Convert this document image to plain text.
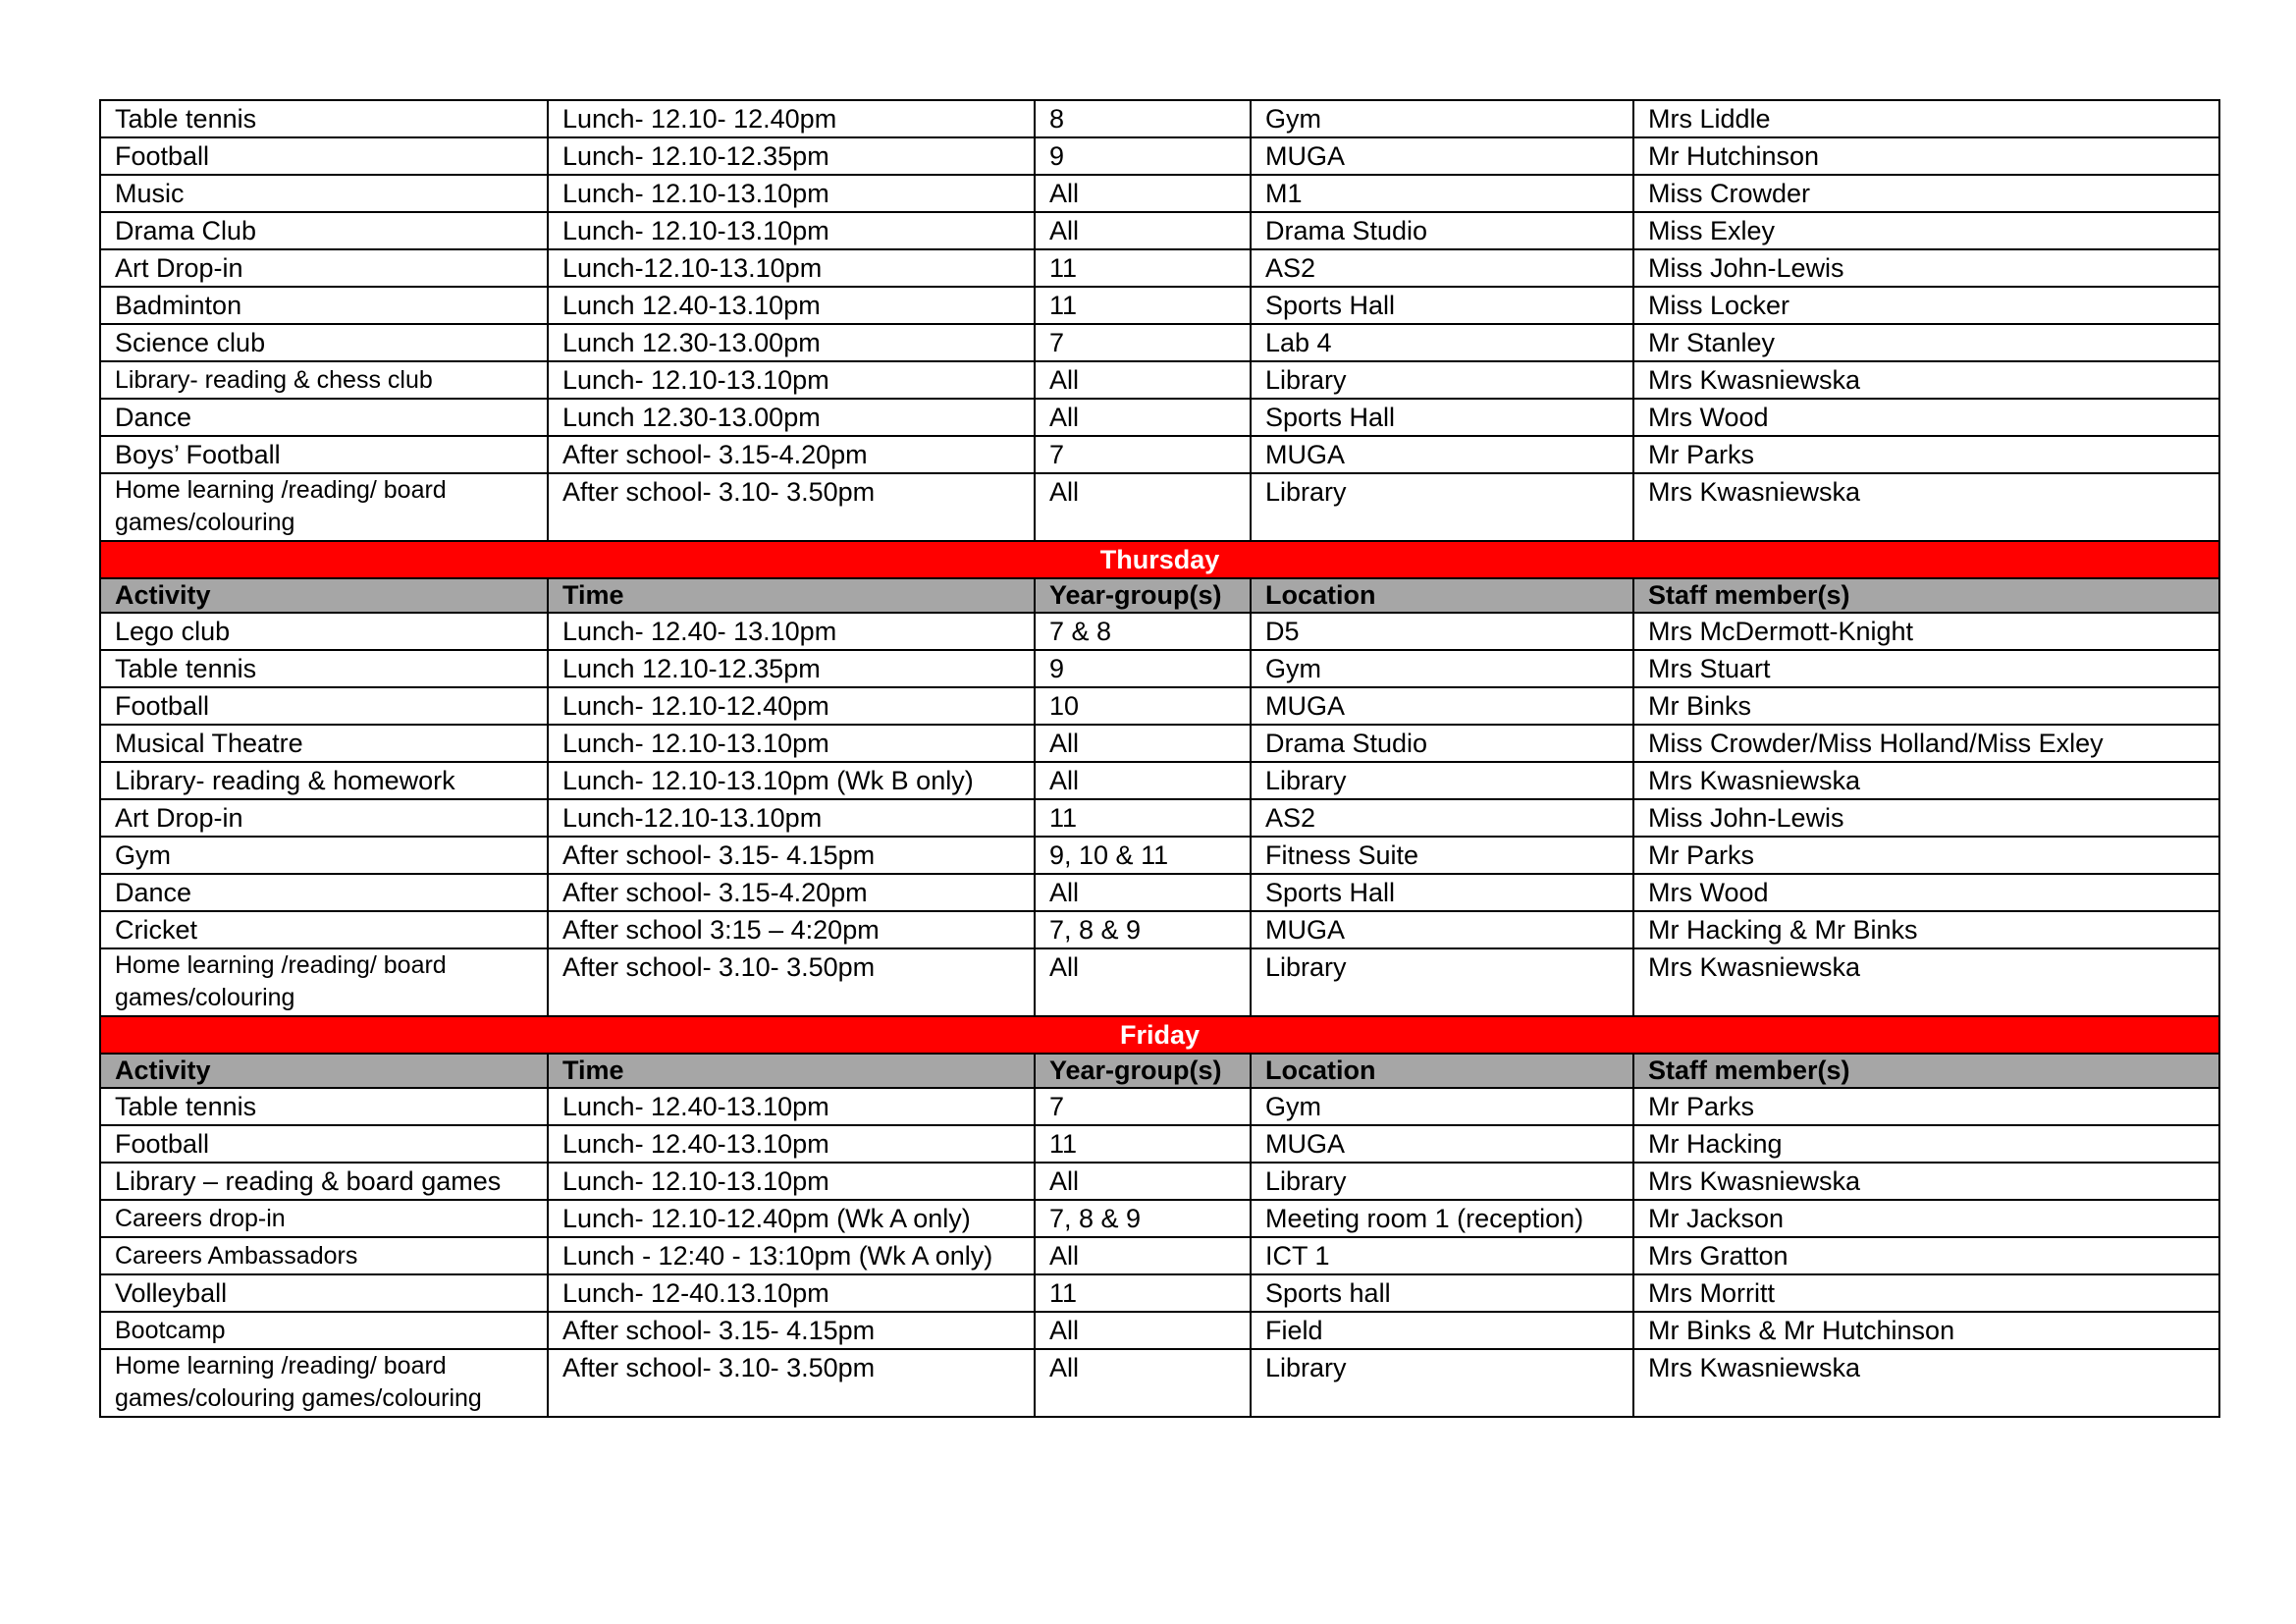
Table tennis	Lunch- 12.10- 12.40pm	8	Gym	Mrs Liddle
Football	Lunch- 12.10-12.35pm	9	MUGA	Mr Hutchinson
Music	Lunch- 12.10-13.10pm	All	M1	Miss Crowder
Drama Club	Lunch- 12.10-13.10pm	All	Drama Studio	Miss Exley
Art Drop-in	Lunch-12.10-13.10pm	11	AS2	Miss John-Lewis
Badminton	Lunch 12.40-13.10pm	11	Sports Hall	Miss Locker
Science club	Lunch 12.30-13.00pm	7	Lab 4	Mr Stanley
Library- reading & chess club	Lunch- 12.10-13.10pm	All	Library	Mrs Kwasniewska
Dance	Lunch 12.30-13.00pm	All	Sports Hall	Mrs Wood
Boys’ Football	After school- 3.15-4.20pm	7	MUGA	Mr Parks
Home learning /reading/ board games/colouring	After school- 3.10- 3.50pm	All	Library	Mrs Kwasniewska
Thursday				
Activity	Time	Year-group(s)	Location	Staff member(s)
Lego club	Lunch- 12.40- 13.10pm	7 & 8	D5	Mrs McDermott-Knight
Table tennis	Lunch 12.10-12.35pm	9	Gym	Mrs Stuart
Football	Lunch- 12.10-12.40pm	10	MUGA	Mr Binks
Musical Theatre	Lunch- 12.10-13.10pm	All	Drama Studio	Miss Crowder/Miss Holland/Miss Exley
Library- reading & homework	Lunch- 12.10-13.10pm (Wk B only)	All	Library	Mrs Kwasniewska
Art Drop-in	Lunch-12.10-13.10pm	11	AS2	Miss John-Lewis
Gym	After school- 3.15- 4.15pm	9, 10 & 11	Fitness Suite	Mr Parks
Dance	After school- 3.15-4.20pm	All	Sports Hall	Mrs Wood
Cricket	After school 3:15 – 4:20pm	7, 8 & 9	MUGA	Mr Hacking & Mr Binks
Home learning /reading/ board games/colouring	After school- 3.10- 3.50pm	All	Library	Mrs Kwasniewska
Friday				
Activity	Time	Year-group(s)	Location	Staff member(s)
Table tennis	Lunch- 12.40-13.10pm	7	Gym	Mr Parks
Football	Lunch- 12.40-13.10pm	11	MUGA	Mr Hacking
Library – reading & board games	Lunch- 12.10-13.10pm	All	Library	Mrs Kwasniewska
Careers drop-in	Lunch- 12.10-12.40pm (Wk A only)	7, 8 & 9	Meeting room 1 (reception)	Mr Jackson
Careers Ambassadors	Lunch - 12:40 - 13:10pm (Wk A only)	All	ICT 1	Mrs Gratton
Volleyball	Lunch- 12-40.13.10pm	11	Sports hall	Mrs Morritt
Bootcamp	After school- 3.15- 4.15pm	All	Field	Mr Binks & Mr Hutchinson
Home learning /reading/ board games/colouring games/colouring	After school- 3.10- 3.50pm	All	Library	Mrs Kwasniewska
